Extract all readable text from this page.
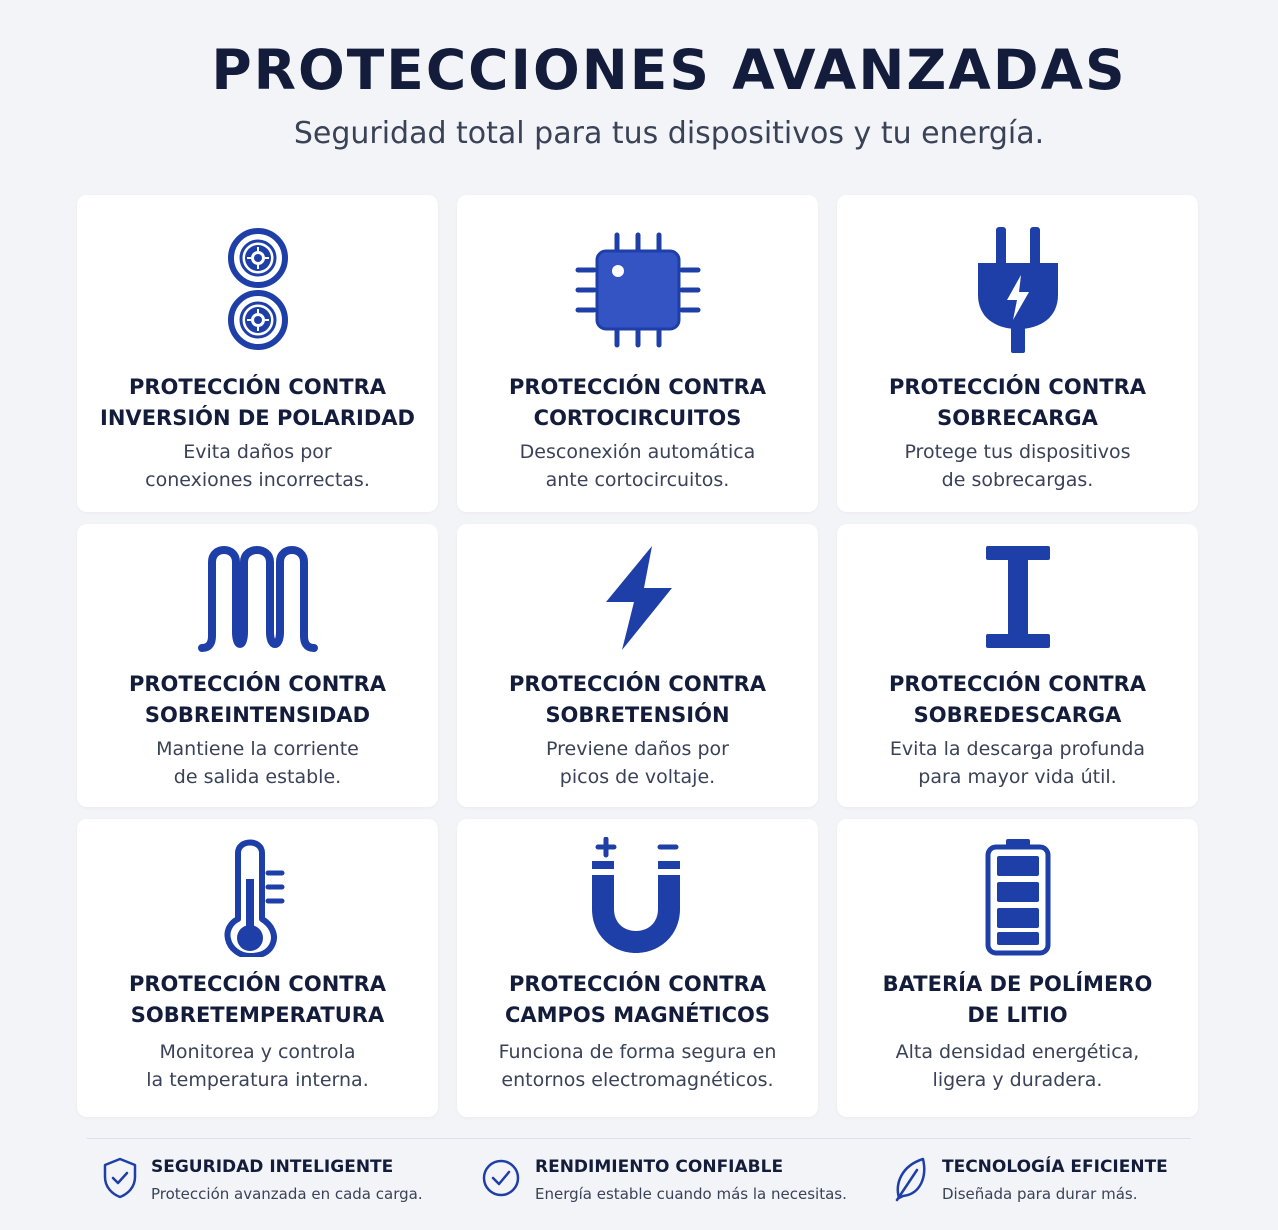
PROTECCIONES AVANZADAS
Seguridad total para tus dispositivos y tu energía.
PROTECCIÓN CONTRA
INVERSIÓN DE POLARIDAD
Evita daños por
conexiones incorrectas.
PROTECCIÓN CONTRA
CORTOCIRCUITOS
Desconexión automática
ante cortocircuitos.
PROTECCIÓN CONTRA
SOBRECARGA
Protege tus dispositivos
de sobrecargas.
PROTECCIÓN CONTRA
SOBREINTENSIDAD
Mantiene la corriente
de salida estable.
PROTECCIÓN CONTRA
SOBRETENSIÓN
Previene daños por
picos de voltaje.
PROTECCIÓN CONTRA
SOBREDESCARGA
Evita la descarga profunda
para mayor vida útil.
PROTECCIÓN CONTRA
SOBRETEMPERATURA
Monitorea y controla
la temperatura interna.
PROTECCIÓN CONTRA
CAMPOS MAGNÉTICOS
Funciona de forma segura en
entornos electromagnéticos.
BATERÍA DE POLÍMERO
DE LITIO
Alta densidad energética,
ligera y duradera.
SEGURIDAD INTELIGENTE
Protección avanzada en cada carga.
RENDIMIENTO CONFIABLE
Energía estable cuando más la necesitas.
TECNOLOGÍA EFICIENTE
Diseñada para durar más.
